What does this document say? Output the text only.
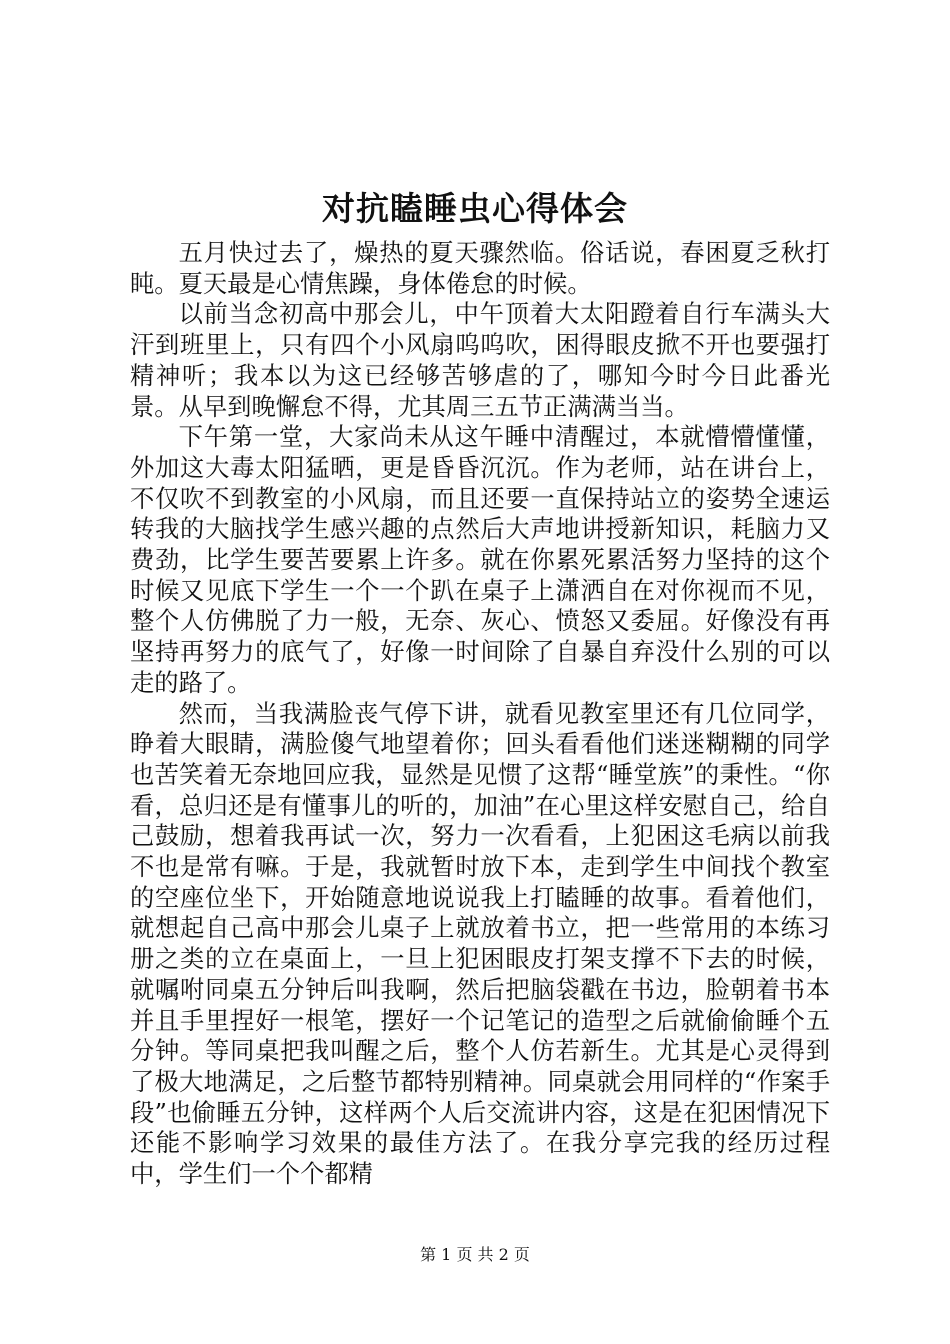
对抗瞌睡虫心得体会

五月快过去了，燥热的夏天骤然临。俗话说，春困夏乏秋打盹。夏天最是心情焦躁，身体倦怠的时候。

以前当念初高中那会儿，中午顶着大太阳蹬着自行车满头大汗到班里上，只有四个小风扇呜呜吹，困得眼皮掀不开也要强打精神听；我本以为这已经够苦够虐的了，哪知今时今日此番光景。从早到晚懈怠不得，尤其周三五节正满满当当。

下午第一堂，大家尚未从这午睡中清醒过，本就懵懵懂懂，外加这大毒太阳猛晒，更是昏昏沉沉。作为老师，站在讲台上，不仅吹不到教室的小风扇，而且还要一直保持站立的姿势全速运转我的大脑找学生感兴趣的点然后大声地讲授新知识，耗脑力又费劲，比学生要苦要累上许多。就在你累死累活努力坚持的这个时候又见底下学生一个一个趴在桌子上潇洒自在对你视而不见，整个人仿佛脱了力一般，无奈、灰心、愤怒又委屈。好像没有再坚持再努力的底气了，好像一时间除了自暴自弃没什么别的可以走的路了。

然而，当我满脸丧气停下讲，就看见教室里还有几位同学，睁着大眼睛，满脸傻气地望着你；回头看看他们迷迷糊糊的同学也苦笑着无奈地回应我，显然是见惯了这帮“睡堂族”的秉性。“你看，总归还是有懂事儿的听的，加油”在心里这样安慰自己，给自己鼓励，想着我再试一次，努力一次看看，上犯困这毛病以前我不也是常有嘛。于是，我就暂时放下本，走到学生中间找个教室的空座位坐下，开始随意地说说我上打瞌睡的故事。看着他们，就想起自己高中那会儿桌子上就放着书立，把一些常用的本练习册之类的立在桌面上，一旦上犯困眼皮打架支撑不下去的时候，就嘱咐同桌五分钟后叫我啊，然后把脑袋戳在书边，脸朝着书本并且手里捏好一根笔，摆好一个记笔记的造型之后就偷偷睡个五分钟。等同桌把我叫醒之后，整个人仿若新生。尤其是心灵得到了极大地满足，之后整节都特别精神。同桌就会用同样的“作案手段”也偷睡五分钟，这样两个人后交流讲内容，这是在犯困情况下还能不影响学习效果的最佳方法了。在我分享完我的经历过程中，学生们一个个都精

第 1 页 共 2 页
